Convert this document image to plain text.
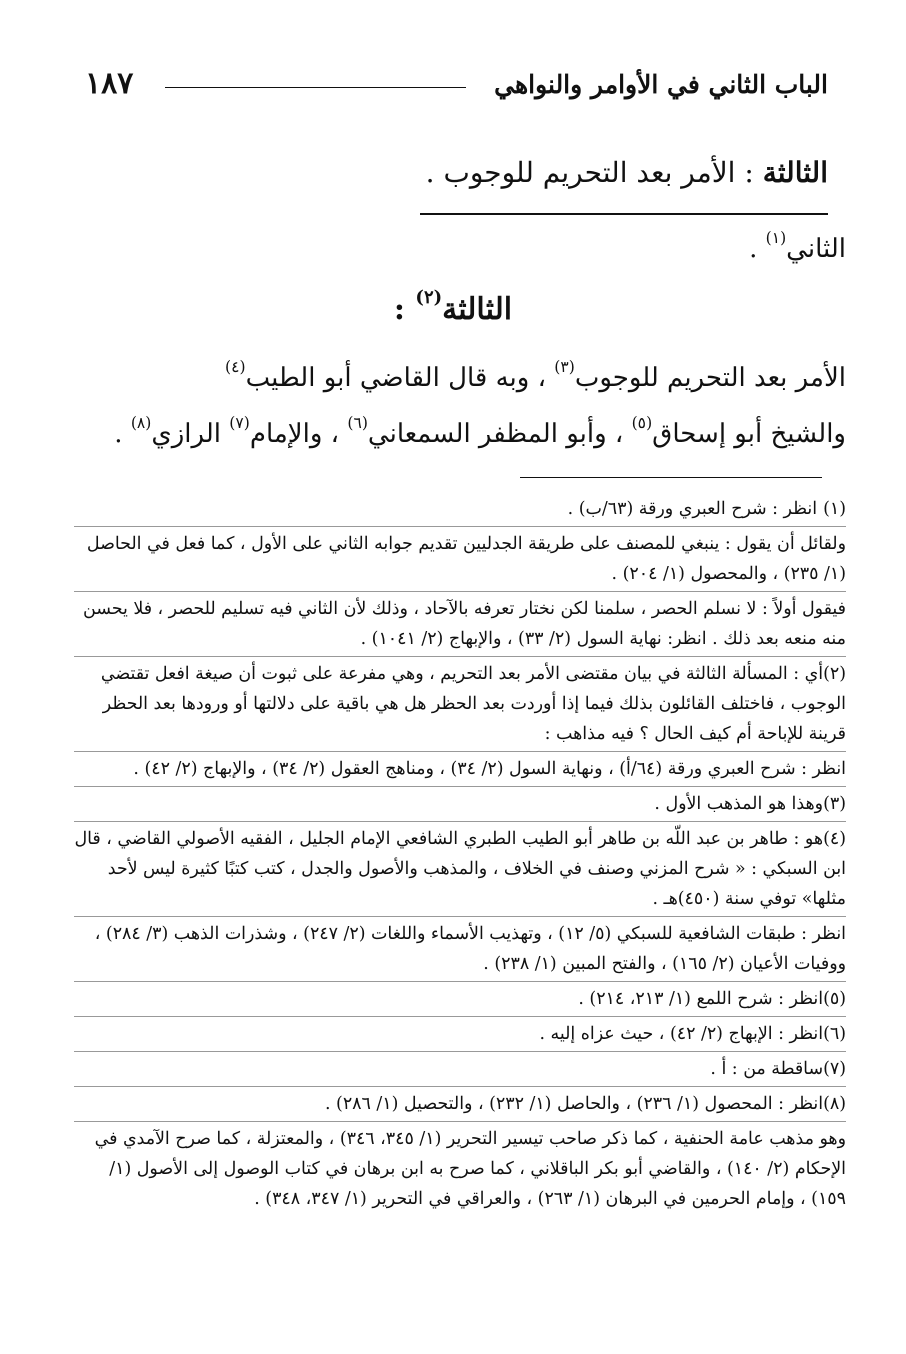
الباب الثاني في الأوامر والنواهي
١٨٧
الثالثة : الأمر بعد التحريم للوجوب .
الثاني$^{(١)}$ .
الثالثة$^{(٢)}$ :
الأمر بعد التحريم للوجوب$^{(٣)}$ ، وبه قال القاضي أبو الطيب$^{(٤)}$
والشيخ أبو إسحاق$^{(٥)}$ ، وأبو المظفر السمعاني$^{(٦)}$ ، والإمام$^{(٧)}$ الرازي$^{(٨)}$ .
(١)انظر : شرح العبري ورقة (٦٣/ب) .
ولقائل أن يقول : ينبغي للمصنف على طريقة الجدليين تقديم جوابه الثاني على الأول ، كما فعل في الحاصل (١/ ٢٣٥) ، والمحصول (١/ ٢٠٤) .
فيقول أولاً : لا نسلم الحصر ، سلمنا لكن نختار تعرفه بالآحاد ، وذلك لأن الثاني فيه تسليم للحصر ، فلا يحسن منه منعه بعد ذلك . انظر: نهاية السول (٢/ ٣٣) ، والإبهاج (٢/ ١٠٤١) .
(٢)أي : المسألة الثالثة في بيان مقتضى الأمر بعد التحريم ، وهي مفرعة على ثبوت أن صيغة افعل تقتضي الوجوب ، فاختلف القائلون بذلك فيما إذا أوردت بعد الحظر هل هي باقية على دلالتها أو ورودها بعد الحظر قرينة للإباحة أم كيف الحال ؟ فيه مذاهب :
انظر : شرح العبري ورقة (٦٤/أ) ، ونهاية السول (٢/ ٣٤) ، ومناهج العقول (٢/ ٣٤) ، والإبهاج (٢/ ٤٢) .
(٣)وهذا هو المذهب الأول .
(٤)هو : طاهر بن عبد اللّه بن طاهر أبو الطيب الطبري الشافعي الإمام الجليل ، الفقيه الأصولي القاضي ، قال ابن السبكي : « شرح المزني وصنف في الخلاف ، والمذهب والأصول والجدل ، كتب كتبًا كثيرة ليس لأحد مثلها» توفي سنة (٤٥٠)هـ .
انظر : طبقات الشافعية للسبكي (٥/ ١٢) ، وتهذيب الأسماء واللغات (٢/ ٢٤٧) ، وشذرات الذهب (٣/ ٢٨٤) ، ووفيات الأعيان (٢/ ١٦٥) ، والفتح المبين (١/ ٢٣٨) .
(٥)انظر : شرح اللمع (١/ ٢١٣، ٢١٤) .
(٦)انظر : الإبهاج (٢/ ٤٢) ، حيث عزاه إليه .
(٧)ساقطة من : أ .
(٨)انظر : المحصول (١/ ٢٣٦) ، والحاصل (١/ ٢٣٢) ، والتحصيل (١/ ٢٨٦) .
وهو مذهب عامة الحنفية ، كما ذكر صاحب تيسير التحرير (١/ ٣٤٥، ٣٤٦) ، والمعتزلة ، كما صرح الآمدي في الإحكام (٢/ ١٤٠) ، والقاضي أبو بكر الباقلاني ، كما صرح به ابن برهان في كتاب الوصول إلى الأصول (١/ ١٥٩) ، وإمام الحرمين في البرهان (١/ ٢٦٣) ، والعراقي في التحرير (١/ ٣٤٧، ٣٤٨) .
